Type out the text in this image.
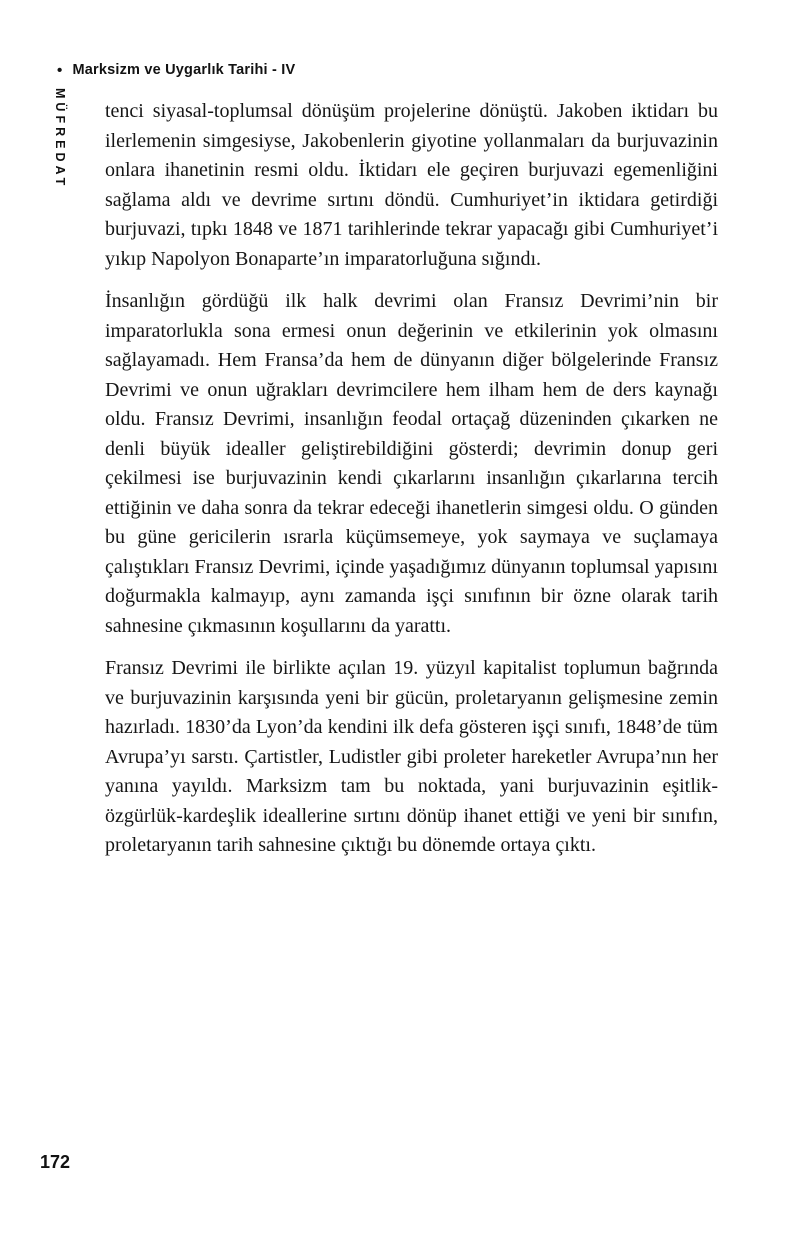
• Marksizm ve Uygarlık Tarihi - IV
MÜFREDAT tenci siyasal-toplumsal dönüşüm projelerine dönüştü. Jakoben iktidarı bu ilerlemenin simgesiyse, Jakobenlerin giyotine yollanmaları da burjuvazinin onlara ihanetinin resmi oldu. İktidarı ele geçiren burjuvazi egemenliğini sağlama aldı ve devrime sırtını döndü. Cumhuriyet’in iktidara getirdiği burjuvazi, tıpkı 1848 ve 1871 tarihlerinde tekrar yapacağı gibi Cumhuriyet’i yıkıp Napolyon Bonaparte’ın imparatorluğuna sığındı.

İnsanlığın gördüğü ilk halk devrimi olan Fransız Devrimi’nin bir imparatorlukla sona ermesi onun değerinin ve etkilerinin yok olmasını sağlayamadı. Hem Fransa’da hem de dünyanın diğer bölgelerinde Fransız Devrimi ve onun uğrakları devrimcilere hem ilham hem de ders kaynağı oldu. Fransız Devrimi, insanlığın feodal ortaçağ düzeninden çıkarken ne denli büyük idealler geliştirebildiğini gösterdi; devrimin donup geri çekilmesi ise burjuvazinin kendi çıkarlarını insanlığın çıkarlarına tercih ettiğinin ve daha sonra da tekrar edeceği ihanetlerin simgesi oldu. O günden bu güne gericilerin ısrarla küçümsemeye, yok saymaya ve suçlamaya çalıştıkları Fransız Devrimi, içinde yaşadığımız dünyanın toplumsal yapısını doğurmakla kalmayıp, aynı zamanda işçi sınıfının bir özne olarak tarih sahnesine çıkmasının koşullarını da yarattı.

Fransız Devrimi ile birlikte açılan 19. yüzyıl kapitalist toplumun bağrında ve burjuvazinin karşısında yeni bir gücün, proletaryanın gelişmesine zemin hazırladı. 1830’da Lyon’da kendini ilk defa gösteren işçi sınıfı, 1848’de tüm Avrupa’yı sarstı. Çartistler, Ludistler gibi proleter hareketler Avrupa’nın her yanına yayıldı. Marksizm tam bu noktada, yani burjuvazinin eşitlik-özgürlük-kardeşlik ideallerine sırtını dönüp ihanet ettiği ve yeni bir sınıfın, proletaryanın tarih sahnesine çıktığı bu dönemde ortaya çıktı.

172
